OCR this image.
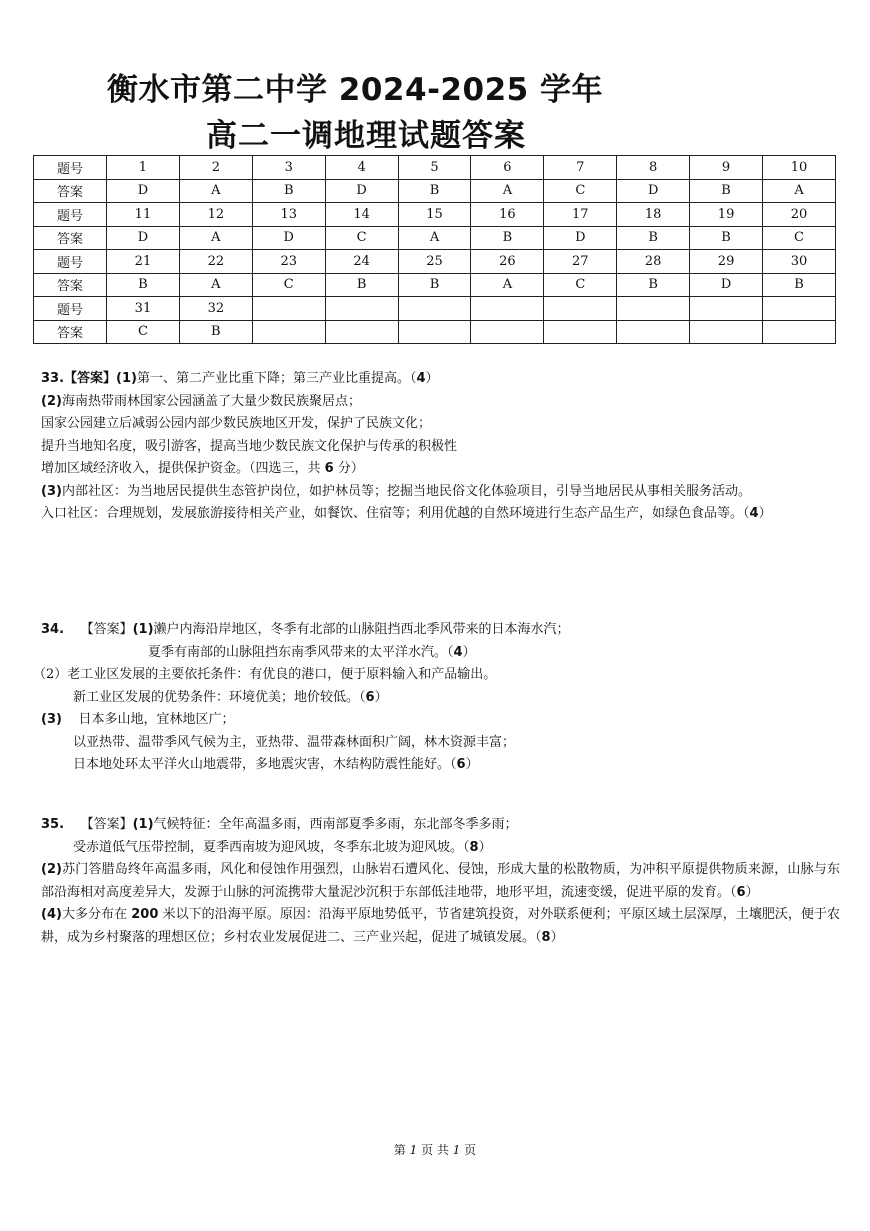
衡水市第二中学 2024-2025 学年
高二一调地理试题答案
题号	1	2	3	4	5	6	7	8	9	10
答案	D	A	B	D	B	A	C	D	B	A
题号	11	12	13	14	15	16	17	18	19	20
答案	D	A	D	C	A	B	D	B	B	C
题号	21	22	23	24	25	26	27	28	29	30
答案	B	A	C	B	B	A	C	B	D	B
题号	31	32								
答案	C	B								

33.【答案】(1)第一、第二产业比重下降；第三产业比重提高。（4）

(2)海南热带雨林国家公园涵盖了大量少数民族聚居点；

国家公园建立后减弱公园内部少数民族地区开发，保护了民族文化；

提升当地知名度，吸引游客，提高当地少数民族文化保护与传承的积极性

增加区域经济收入，提供保护资金。（四选三，共 6 分）

(3)内部社区：为当地居民提供生态管护岗位，如护林员等；挖掘当地民俗文化体验项目，引导当地居民从事相关服务活动。

入口社区：合理规划，发展旅游接待相关产业，如餐饮、住宿等；利用优越的自然环境进行生态产品生产，如绿色食品等。（4）

34. 【答案】(1)濑户内海沿岸地区，冬季有北部的山脉阻挡西北季风带来的日本海水汽；

夏季有南部的山脉阻挡东南季风带来的太平洋水汽。（4）

（2）老工业区发展的主要依托条件：有优良的港口，便于原料输入和产品输出。

新工业区发展的优势条件：环境优美；地价较低。（6）

(3) 日本多山地，宜林地区广；

以亚热带、温带季风气候为主，亚热带、温带森林面积广阔，林木资源丰富；

日本地处环太平洋火山地震带，多地震灾害，木结构防震性能好。（6）

35. 【答案】(1)气候特征：全年高温多雨，西南部夏季多雨，东北部冬季多雨；

受赤道低气压带控制，夏季西南坡为迎风坡，冬季东北坡为迎风坡。（8）

(2)苏门答腊岛终年高温多雨，风化和侵蚀作用强烈，山脉岩石遭风化、侵蚀，形成大量的松散物质，为冲积平原提供物质来源，山脉与东部沿海相对高度差异大，发源于山脉的河流携带大量泥沙沉积于东部低洼地带，地形平坦，流速变缓，促进平原的发育。（6）

(4)大多分布在 200 米以下的沿海平原。原因：沿海平原地势低平，节省建筑投资，对外联系便利；平原区域土层深厚，土壤肥沃，便于农耕，成为乡村聚落的理想区位；乡村农业发展促进二、三产业兴起，促进了城镇发展。（8）

第 1 页 共 1 页
